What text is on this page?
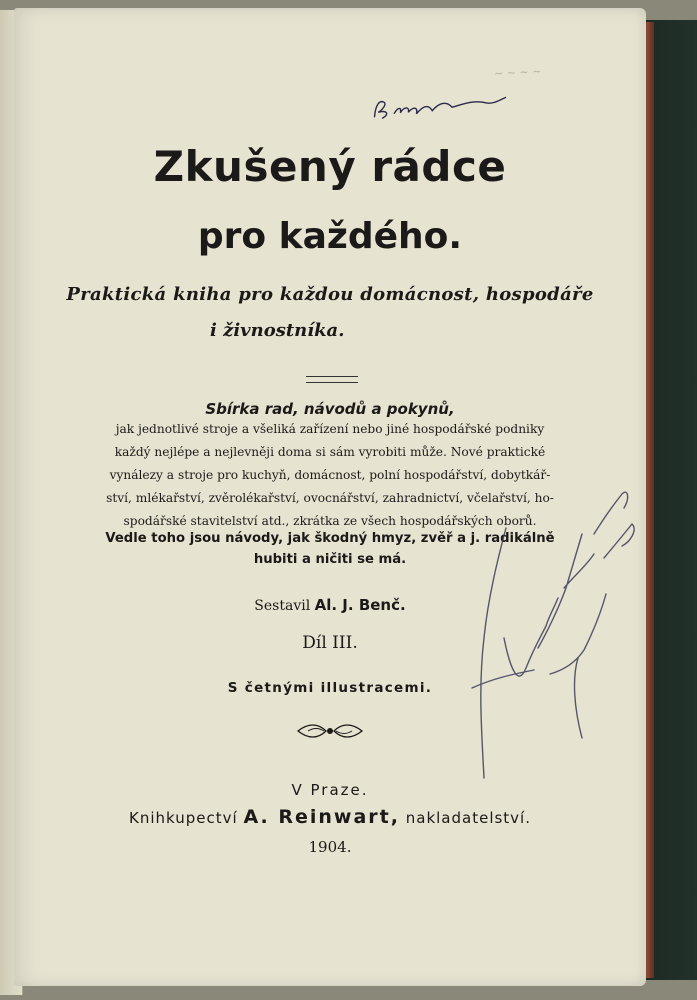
~ ~ ~ ~
Zkušený rádce
pro každého.
Praktická kniha pro každou domácnost, hospodáře
i živnostníka.
Sbírka rad, návodů a pokynů,
jak jednotlivé stroje a všeliká zařízení nebo jiné hospodářské podniky
každý nejlépe a nejlevněji doma si sám vyrobiti může. Nové praktické
vynálezy a stroje pro kuchyň, domácnost, polní hospodářství, dobytkář-
ství, mlékařství, zvěrolékařství, ovocnářství, zahradnictví, včelařství, ho-
spodářské stavitelství atd., zkrátka ze všech hospodářských oborů.
Vedle toho jsou návody, jak škodný hmyz, zvěř a j. radikálně
hubiti a ničiti se má.
Sestavil Al. J. Benč.
Díl III.
S četnými illustracemi.
V Praze.
Knihkupectví A. Reinwart, nakladatelství.
1904.
